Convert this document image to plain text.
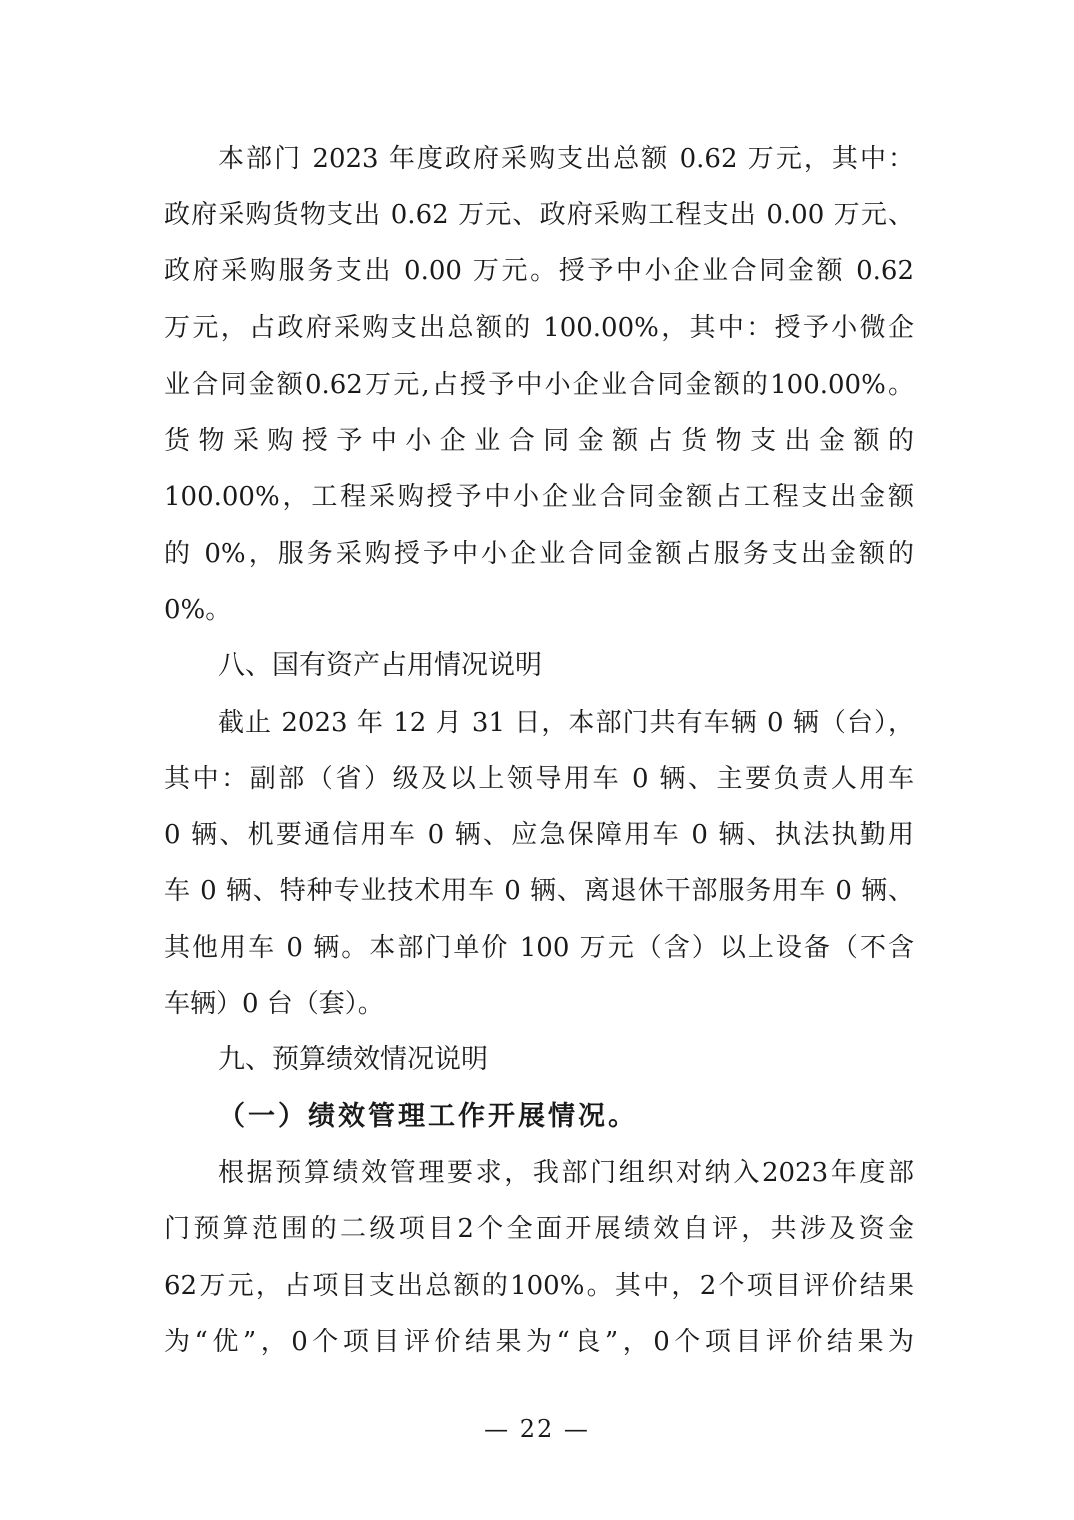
本部门 2023 年度政府采购支出总额 0.62 万元，其中：
政府采购货物支出 0.62 万元、政府采购工程支出 0.00 万元、
政府采购服务支出 0.00 万元。授予中小企业合同金额 0.62
万元，占政府采购支出总额的 100.00%，其中：授予小微企
业合同金额0.62万元,占授予中小企业合同金额的100.00%。
货物采购授予中小企业合同金额占货物支出金额的
100.00%，工程采购授予中小企业合同金额占工程支出金额
的 0%，服务采购授予中小企业合同金额占服务支出金额的
0%。
八、国有资产占用情况说明
截止 2023 年 12 月 31 日，本部门共有车辆 0 辆（台），
其中：副部（省）级及以上领导用车 0 辆、主要负责人用车
0 辆、机要通信用车 0 辆、应急保障用车 0 辆、执法执勤用
车 0 辆、特种专业技术用车 0 辆、离退休干部服务用车 0 辆、
其他用车 0 辆。本部门单价 100 万元（含）以上设备（不含
车辆）0 台（套）。
九、预算绩效情况说明
（一）绩效管理工作开展情况。
根据预算绩效管理要求，我部门组织对纳入2023年度部
门预算范围的二级项目2个全面开展绩效自评，共涉及资金
62万元，占项目支出总额的100%。其中，2个项目评价结果
为“优”，0个项目评价结果为“良”，0个项目评价结果为
— 22 —
